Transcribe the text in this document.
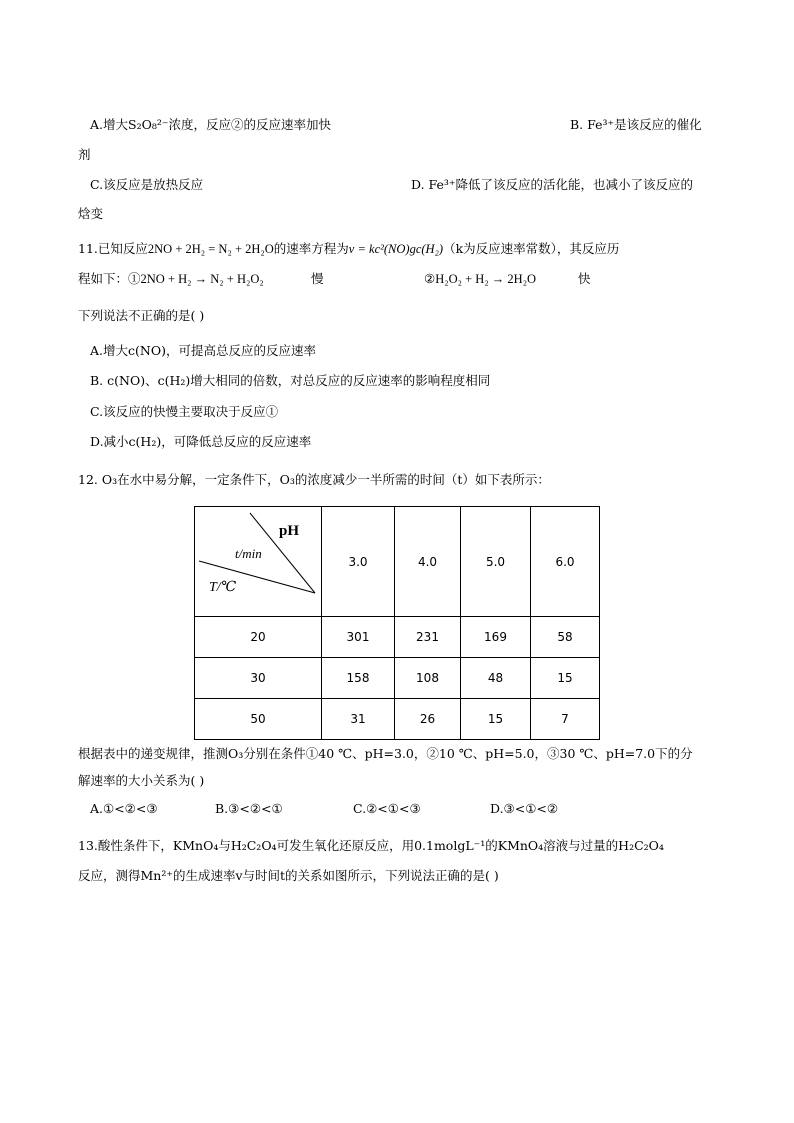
A.增大S₂O₈²⁻浓度，反应②的反应速率加快	B. Fe³⁺是该反应的催化
剂
C.该反应是放热反应	D. Fe³⁺降低了该反应的活化能，也减小了该反应的
焓变
11.已知反应2NO + 2H₂ = N₂ + 2H₂O的速率方程为v = kc²(NO)gc(H₂)（k为反应速率常数），其反应历
程如下：①2NO + H₂ → N₂ + H₂O₂	慢	②H₂O₂ + H₂ → 2H₂O	快
下列说法不正确的是( )
A.增大c(NO)，可提高总反应的反应速率
B. c(NO)、c(H₂)增大相同的倍数，对总反应的反应速率的影响程度相同
C.该反应的快慢主要取决于反应①
D.减小c(H₂)，可降低总反应的反应速率
12. O₃在水中易分解，一定条件下，O₃的浓度减少一半所需的时间（t）如下表所示：
pH
t/min
T/℃	3.0	4.0	5.0	6.0
20	301	231	169	58
30	158	108	48	15
50	31	26	15	7
根据表中的递变规律，推测O₃分别在条件①40 ℃、pH=3.0，②10 ℃、pH=5.0，③30 ℃、pH=7.0下的分
解速率的大小关系为( )
A.①<②<③	B.③<②<①	C.②<①<③	D.③<①<②
13.酸性条件下，KMnO₄与H₂C₂O₄可发生氧化还原反应，用0.1molgL⁻¹的KMnO₄溶液与过量的H₂C₂O₄
反应，测得Mn²⁺的生成速率v与时间t的关系如图所示，下列说法正确的是( )
